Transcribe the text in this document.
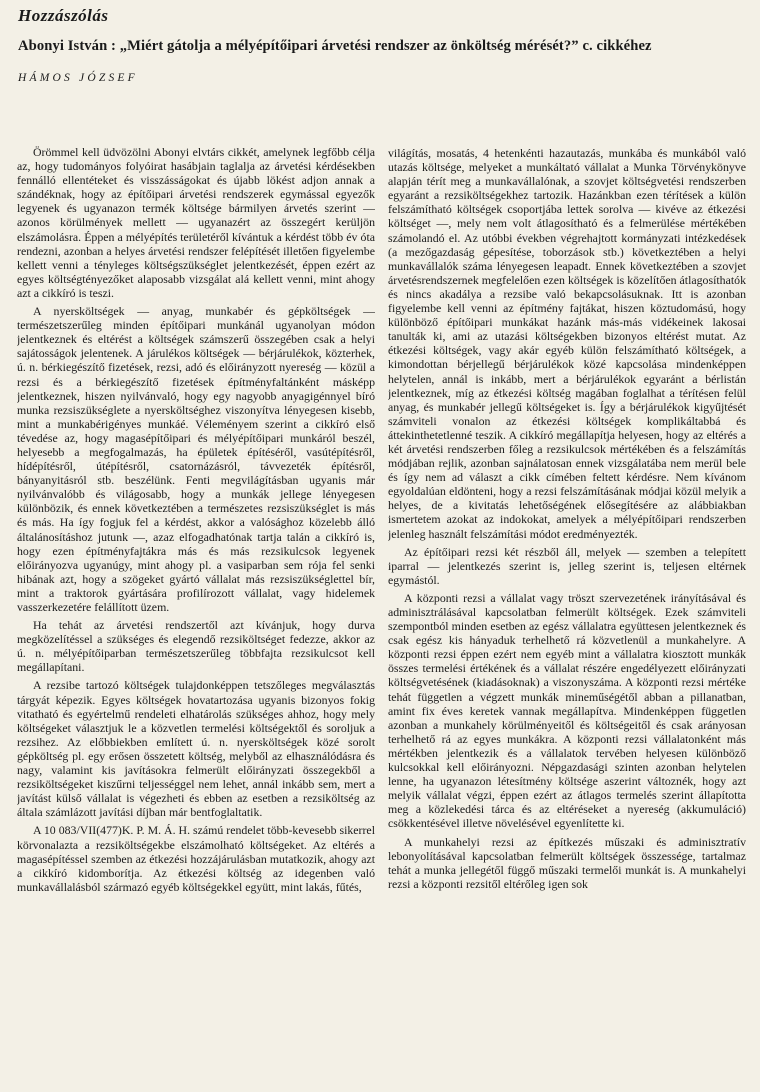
Hozzászólás
Abonyi István : „Miért gátolja a mélyépítőipari árvetési rendszer az önköltség mérését?” c. cikkéhez
HÁMOS JÓZSEF

Örömmel kell üdvözölni Abonyi elvtárs cikkét, amelynek legfőbb célja az, hogy tudományos folyóirat hasábjain taglalja az árvetési kérdésekben fennálló ellentéteket és visszásságokat és újabb lökést adjon annak a szándéknak, hogy az építőipari árvetési rendszerek egymással egyezők legyenek és ugyanazon termék költsége bármilyen árvetés szerint — azonos körülmények mellett — ugyanazért az összegért kerüljön elszámolásra. Éppen a mélyépítés területéről kívántuk a kérdést több év óta rendezni, azonban a helyes árvetési rendszer felépítését illetően figyelembe kellett venni a tényleges költségszükséglet jelentkezését, éppen ezért az egyes költségtényezőket alaposabb vizsgálat alá kellett venni, mint ahogy azt a cikkíró is teszi.

A nyersköltségek — anyag, munkabér és gépköltségek — természetszerűleg minden építőipari munkánál ugyanolyan módon jelentkeznek és eltérést a költségek számszerű összegében csak a helyi sajátosságok jelentenek. A járulékos költségek — bérjárulékok, közterhek, ú. n. bérkiegészítő fizetések, rezsi, adó és előirányzott nyereség — közül a rezsi és a bérkiegészítő fizetések építményfaltánként másképp jelentkeznek, hiszen nyilvánvaló, hogy egy nagyobb anyagigénnyel bíró munka rezsiszükséglete a nyersköltséghez viszonyítva lényegesen kisebb, mint a munkabérigényes munkáé. Véleményem szerint a cikkíró első tévedése az, hogy magasépítőipari és mélyépítőipari munkáról beszél, helyesebb a megfogalmazás, ha épületek építéséről, vasútépítésről, hídépítésről, útépítésről, csatornázásról, távvezeték építésről, bányanyitásról stb. beszélünk. Fenti megvilágításban ugyanis már nyilvánvalóbb és világosabb, hogy a munkák jellege lényegesen különbözik, és ennek következtében a természetes rezsiszükséglet is más és más. Ha így fogjuk fel a kérdést, akkor a valósághoz közelebb álló általánosításhoz jutunk —, azaz elfogadhatónak tartja talán a cikkíró is, hogy ezen építményfajtákra más és más rezsikulcsok legyenek előirányozva ugyanúgy, mint ahogy pl. a vasiparban sem rója fel senki hibának azt, hogy a szögeket gyártó vállalat más rezsiszükséglettel bír, mint a traktorok gyártására profilírozott vállalat, vagy hidelemek vasszerkezetére felállított üzem.

Ha tehát az árvetési rendszertől azt kívánjuk, hogy durva megközelítéssel a szükséges és elegendő rezsiköltséget fedezze, akkor az ú. n. mélyépítőiparban természetszerűleg többfajta rezsikulcsot kell megállapítani.

A rezsibe tartozó költségek tulajdonképpen tetszőleges megválasztás tárgyát képezik. Egyes költségek hovatartozása ugyanis bizonyos fokig vitatható és egyértelmű rendeleti elhatárolás szükséges ahhoz, hogy mely költségeket választjuk le a közvetlen termelési költségektől és soroljuk a rezsihez. Az előbbiekben említett ú. n. nyersköltségek közé sorolt gépköltség pl. egy erősen összetett költség, melyből az elhasználódásra és nagy, valamint kis javításokra felmerült előirányzati összegekből a rezsiköltségeket kiszűrni teljességgel nem lehet, annál inkább sem, mert a javítást külső vállalat is végezheti és ebben az esetben a rezsiköltség az általa számlázott javítási díjban már bentfoglaltatik.

A 10 083/VII(477)K. P. M. Á. H. számú rendelet több-kevesebb sikerrel körvonalazta a rezsiköltségekbe elszámolható költségeket. Az eltérés a magasépítéssel szemben az étkezési hozzájárulásban mutatkozik, ahogy azt a cikkíró kidomborítja. Az étkezési költség az idegenben való munkavállalásból származó egyéb költségekkel együtt, mint lakás, fűtés,

világítás, mosatás, 4 hetenkénti hazautazás, munkába és munkából való utazás költsége, melyeket a munkáltató vállalat a Munka Törvénykönyve alapján térít meg a munkavállalónak, a szovjet költségvetési rendszerben egyaránt a rezsiköltségekhez tartozik. Hazánkban ezen térítések a külön felszámítható költségek csoportjába lettek sorolva — kivéve az étkezési költséget —, mely nem volt átlagosítható és a felmerülése mértékében számolandó el. Az utóbbi években végrehajtott kormányzati intézkedések (a mezőgazdaság gépesítése, toborzások stb.) következtében a helyi munkavállalók száma lényegesen leapadt. Ennek következtében a szovjet árvetésrendszernek megfelelően ezen költségek is közelítően átlagosíthatók és nincs akadálya a rezsibe való bekapcsolásuknak. Itt is azonban figyelembe kell venni az építmény fajtákat, hiszen köztudomású, hogy különböző építőipari munkákat hazánk más-más vidékeinek lakosai tanulták ki, ami az utazási költségekben bizonyos eltérést mutat. Az étkezési költségek, vagy akár egyéb külön felszámítható költségek, a kimondottan bérjellegű bérjárulékok közé kapcsolása mindenképpen helytelen, annál is inkább, mert a bérjárulékok egyaránt a bérlistán jelentkeznek, míg az étkezési költség magában foglalhat a térítésen felül anyag, és munkabér jellegű költségeket is. Így a bérjárulékok kigyűjtését számviteli vonalon az étkezési költségek komplikáltabbá és áttekinthetetlenné teszik. A cikkíró megállapítja helyesen, hogy az eltérés a két árvetési rendszerben főleg a rezsikulcsok mértékében és a felszámítás módjában rejlik, azonban sajnálatosan ennek vizsgálatába nem merül bele és így nem ad választ a cikk címében feltett kérdésre. Nem kívánom egyoldalúan eldönteni, hogy a rezsi felszámításának módjai közül melyik a helyes, de a kivitatás lehetőségének elősegítésére az alábbiakban ismertetem azokat az indokokat, amelyek a mélyépítőipari rendszerben jelenleg használt felszámítási módot eredményezték.

Az építőipari rezsi két részből áll, melyek — szemben a telepített iparral — jelentkezés szerint is, jelleg szerint is, teljesen eltérnek egymástól.

A központi rezsi a vállalat vagy tröszt szervezetének irányításával és adminisztrálásával kapcsolatban felmerült költségek. Ezek számviteli szempontból minden esetben az egész vállalatra együttesen jelentkeznek és csak egész kis hányaduk terhelhető rá közvetlenül a munkahelyre. A központi rezsi éppen ezért nem egyéb mint a vállalatra kiosztott munkák összes termelési értékének és a vállalat részére engedélyezett előirányzati költségvetésének (kiadásoknak) a viszonyszáma. A központi rezsi mértéke tehát független a végzett munkák mineműségétől abban a pillanatban, amint fix éves keretek vannak megállapítva. Mindenképpen független azonban a munkahely körülményeitől és költségeitől és csak arányosan terhelhető rá az egyes munkákra. A központi rezsi vállalatonként más mértékben jelentkezik és a vállalatok tervében helyesen különböző kulcsokkal kell előirányozni. Népgazdasági szinten azonban helytelen lenne, ha ugyanazon létesítmény költsége aszerint változnék, hogy azt melyik vállalat végzi, éppen ezért az átlagos termelés szerint állapította meg a közlekedési tárca és az eltéréseket a nyereség (akkumuláció) csökkentésével illetve növelésével egyenlítette ki.

A munkahelyi rezsi az építkezés műszaki és adminisztratív lebonyolításával kapcsolatban felmerült költségek összessége, tartalmaz tehát a munka jellegétől függő műszaki termelői munkát is. A munkahelyi rezsi a központi rezsitől eltérőleg igen sok
